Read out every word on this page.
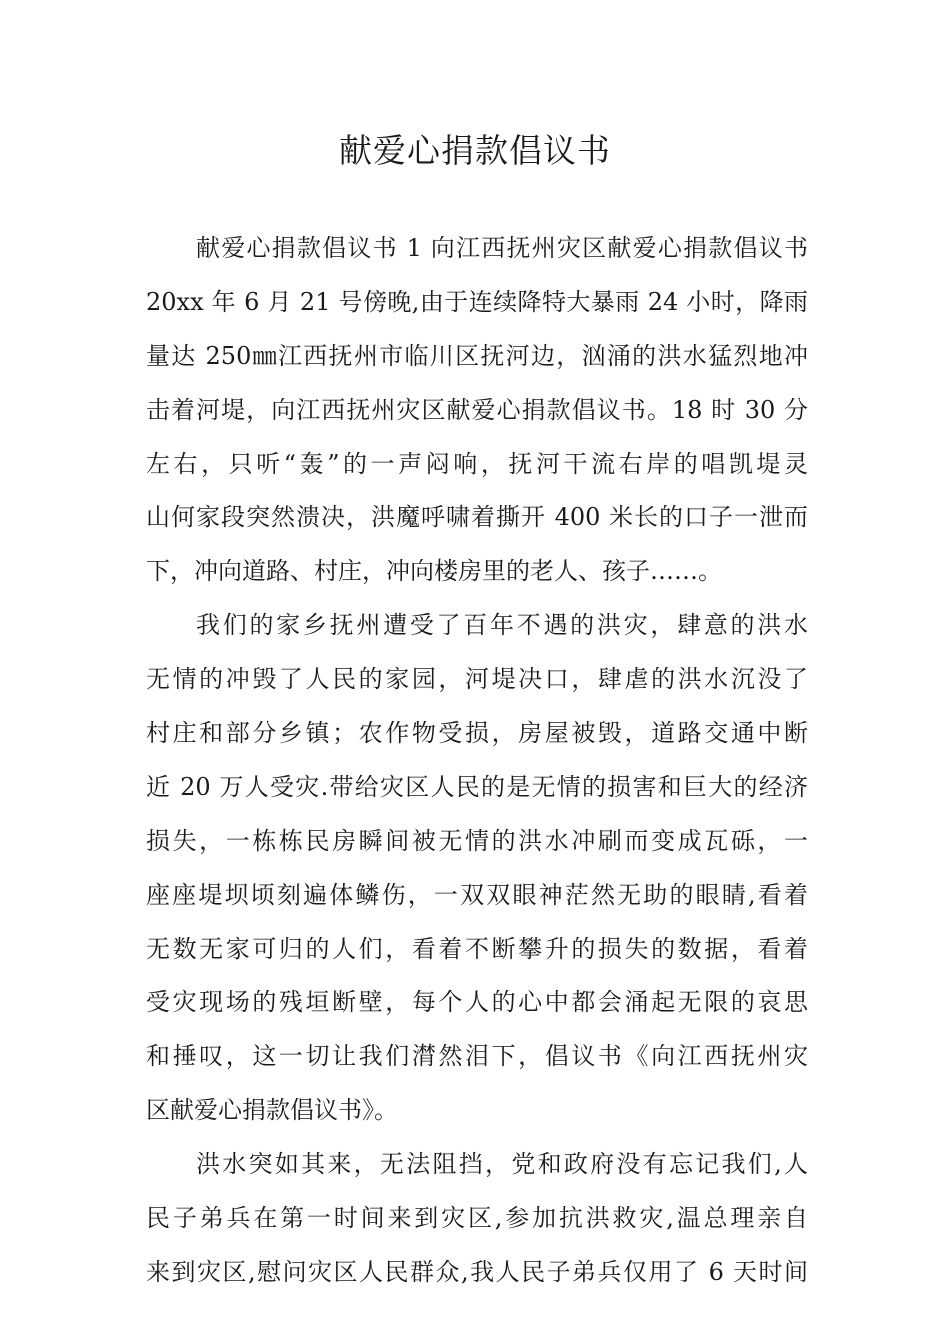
献爱心捐款倡议书
献爱心捐款倡议书 1 向江西抚州灾区献爱心捐款倡议书
20xx 年 6 月 21 号傍晚,由于连续降特大暴雨 24 小时，降雨
量达 250㎜江西抚州市临川区抚河边，汹涌的洪水猛烈地冲
击着河堤，向江西抚州灾区献爱心捐款倡议书。18 时 30 分
左右，只听“轰”的一声闷响，抚河干流右岸的唱凯堤灵
山何家段突然溃决，洪魔呼啸着撕开 400 米长的口子一泄而
下，冲向道路、村庄，冲向楼房里的老人、孩子……。
我们的家乡抚州遭受了百年不遇的洪灾，肆意的洪水
无情的冲毁了人民的家园，河堤决口，肆虐的洪水沉没了
村庄和部分乡镇；农作物受损，房屋被毁，道路交通中断
近 20 万人受灾.带给灾区人民的是无情的损害和巨大的经济
损失，一栋栋民房瞬间被无情的洪水冲刷而变成瓦砾，一
座座堤坝顷刻遍体鳞伤，一双双眼神茫然无助的眼睛,看着
无数无家可归的人们，看着不断攀升的损失的数据，看着
受灾现场的残垣断壁，每个人的心中都会涌起无限的哀思
和捶叹，这一切让我们潸然泪下，倡议书《向江西抚州灾
区献爱心捐款倡议书》。
洪水突如其来，无法阻挡，党和政府没有忘记我们,人
民子弟兵在第一时间来到灾区,参加抗洪救灾,温总理亲自
来到灾区,慰问灾区人民群众,我人民子弟兵仅用了 6 天时间
